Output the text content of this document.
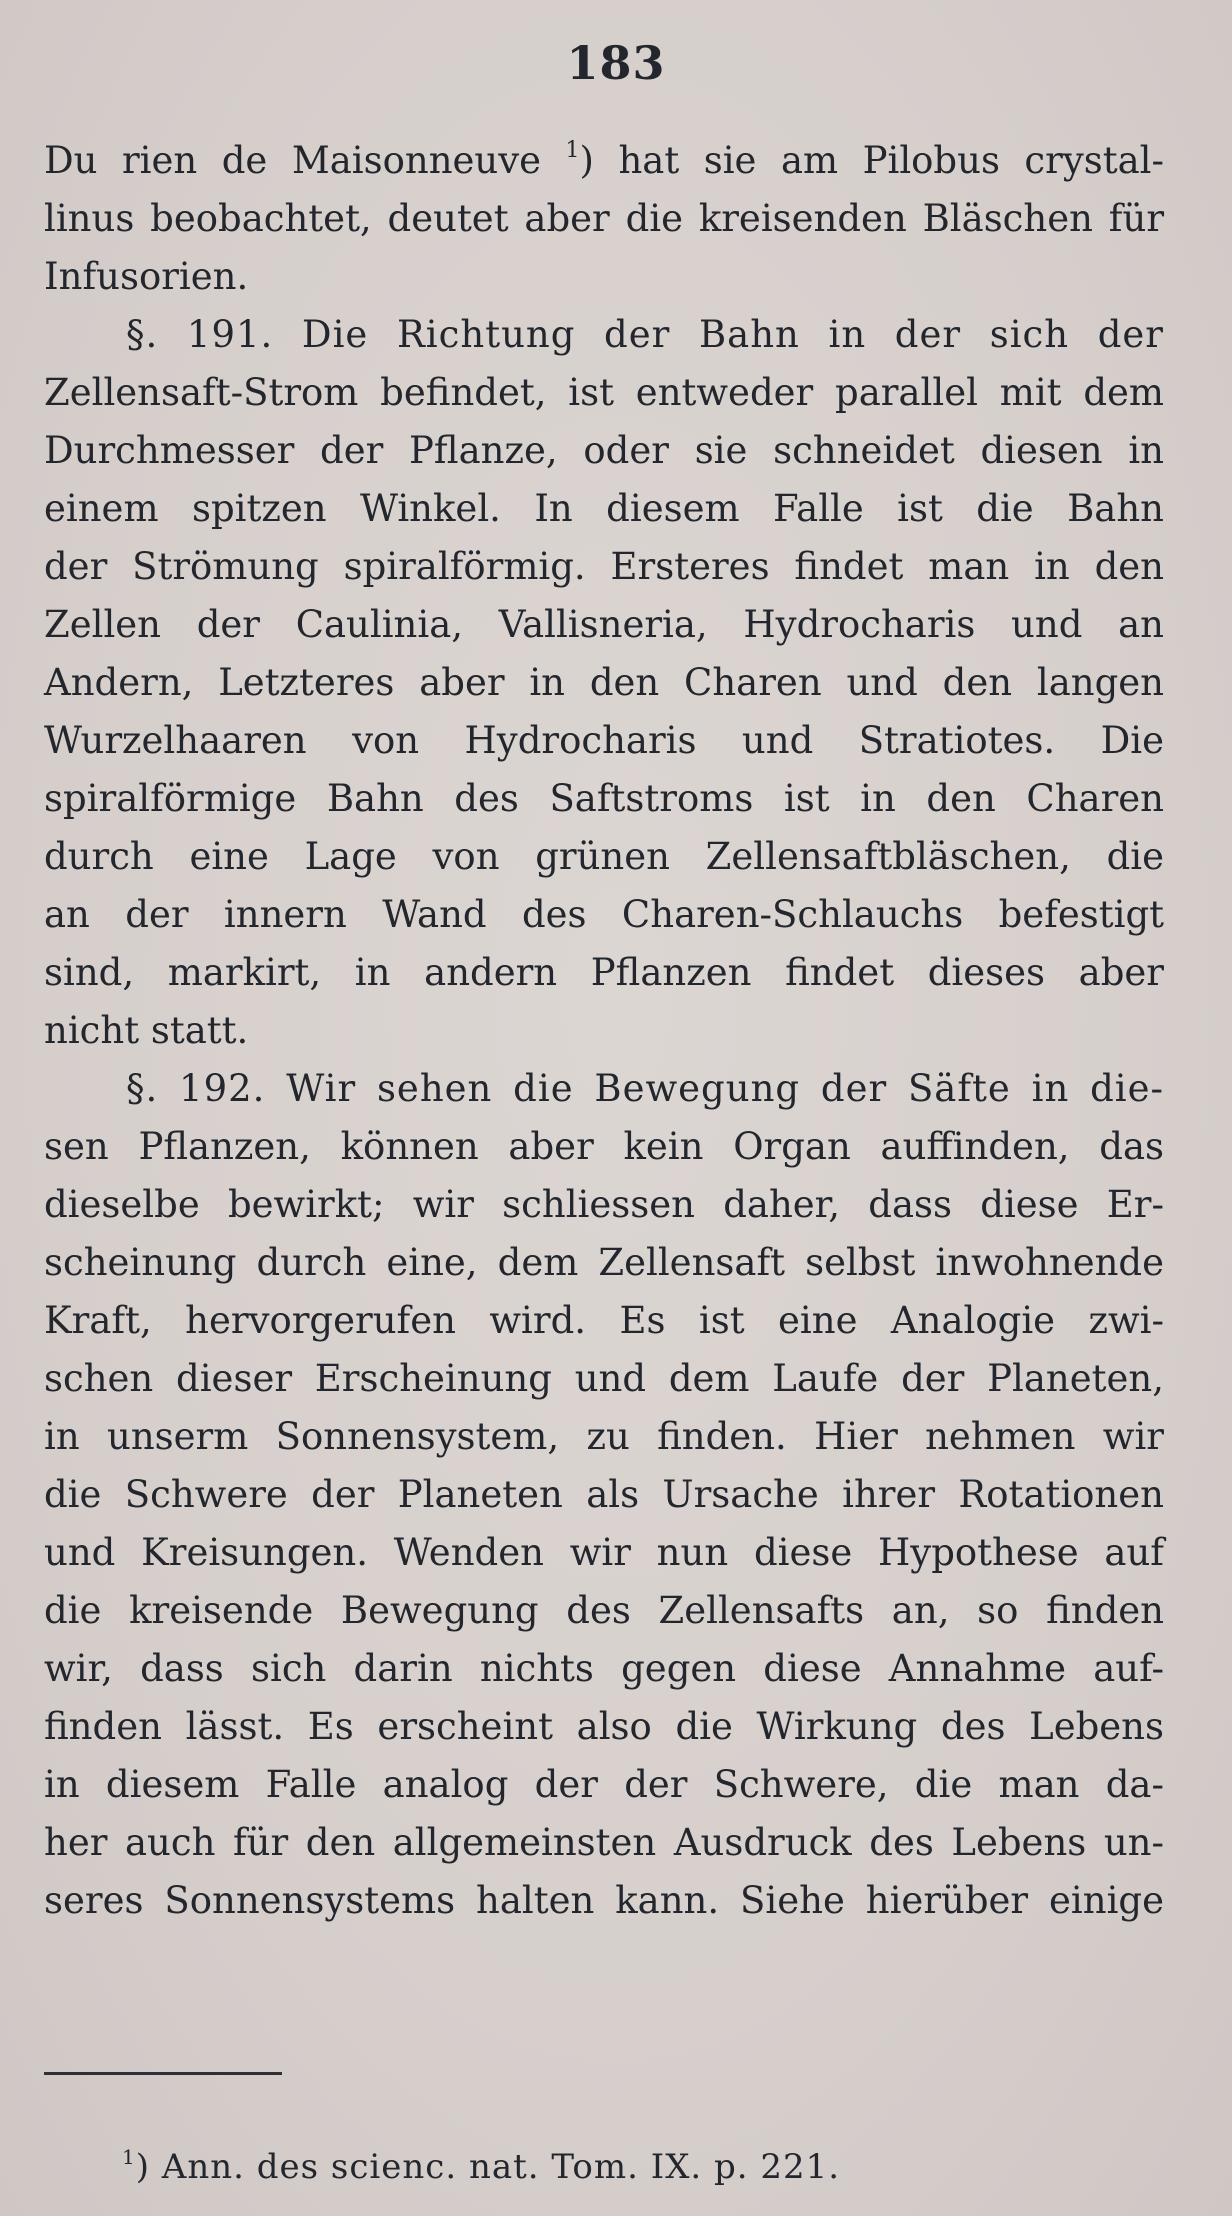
183
Du rien de Maisonneuve $^1$) hat sie am Pilobus crystal-
linus beobachtet, deutet aber die kreisenden Bläschen für
Infusorien.
§. 191. Die Richtung der Bahn in der sich der
Zellensaft-Strom befindet, ist entweder parallel mit dem
Durchmesser der Pflanze, oder sie schneidet diesen in
einem spitzen Winkel. In diesem Falle ist die Bahn
der Strömung spiralförmig. Ersteres findet man in den
Zellen der Caulinia, Vallisneria, Hydrocharis und an
Andern, Letzteres aber in den Charen und den langen
Wurzelhaaren von Hydrocharis und Stratiotes. Die
spiralförmige Bahn des Saftstroms ist in den Charen
durch eine Lage von grünen Zellensaftbläschen, die
an der innern Wand des Charen-Schlauchs befestigt
sind, markirt, in andern Pflanzen findet dieses aber
nicht statt.
§. 192. Wir sehen die Bewegung der Säfte in die-
sen Pflanzen, können aber kein Organ auffinden, das
dieselbe bewirkt; wir schliessen daher, dass diese Er-
scheinung durch eine, dem Zellensaft selbst inwohnende
Kraft, hervorgerufen wird. Es ist eine Analogie zwi-
schen dieser Erscheinung und dem Laufe der Planeten,
in unserm Sonnensystem, zu finden. Hier nehmen wir
die Schwere der Planeten als Ursache ihrer Rotationen
und Kreisungen. Wenden wir nun diese Hypothese auf
die kreisende Bewegung des Zellensafts an, so finden
wir, dass sich darin nichts gegen diese Annahme auf-
finden lässt. Es erscheint also die Wirkung des Lebens
in diesem Falle analog der der Schwere, die man da-
her auch für den allgemeinsten Ausdruck des Lebens un-
seres Sonnensystems halten kann. Siehe hierüber einige
$^1$) Ann. des scienc. nat. Tom. IX. p. 221.
